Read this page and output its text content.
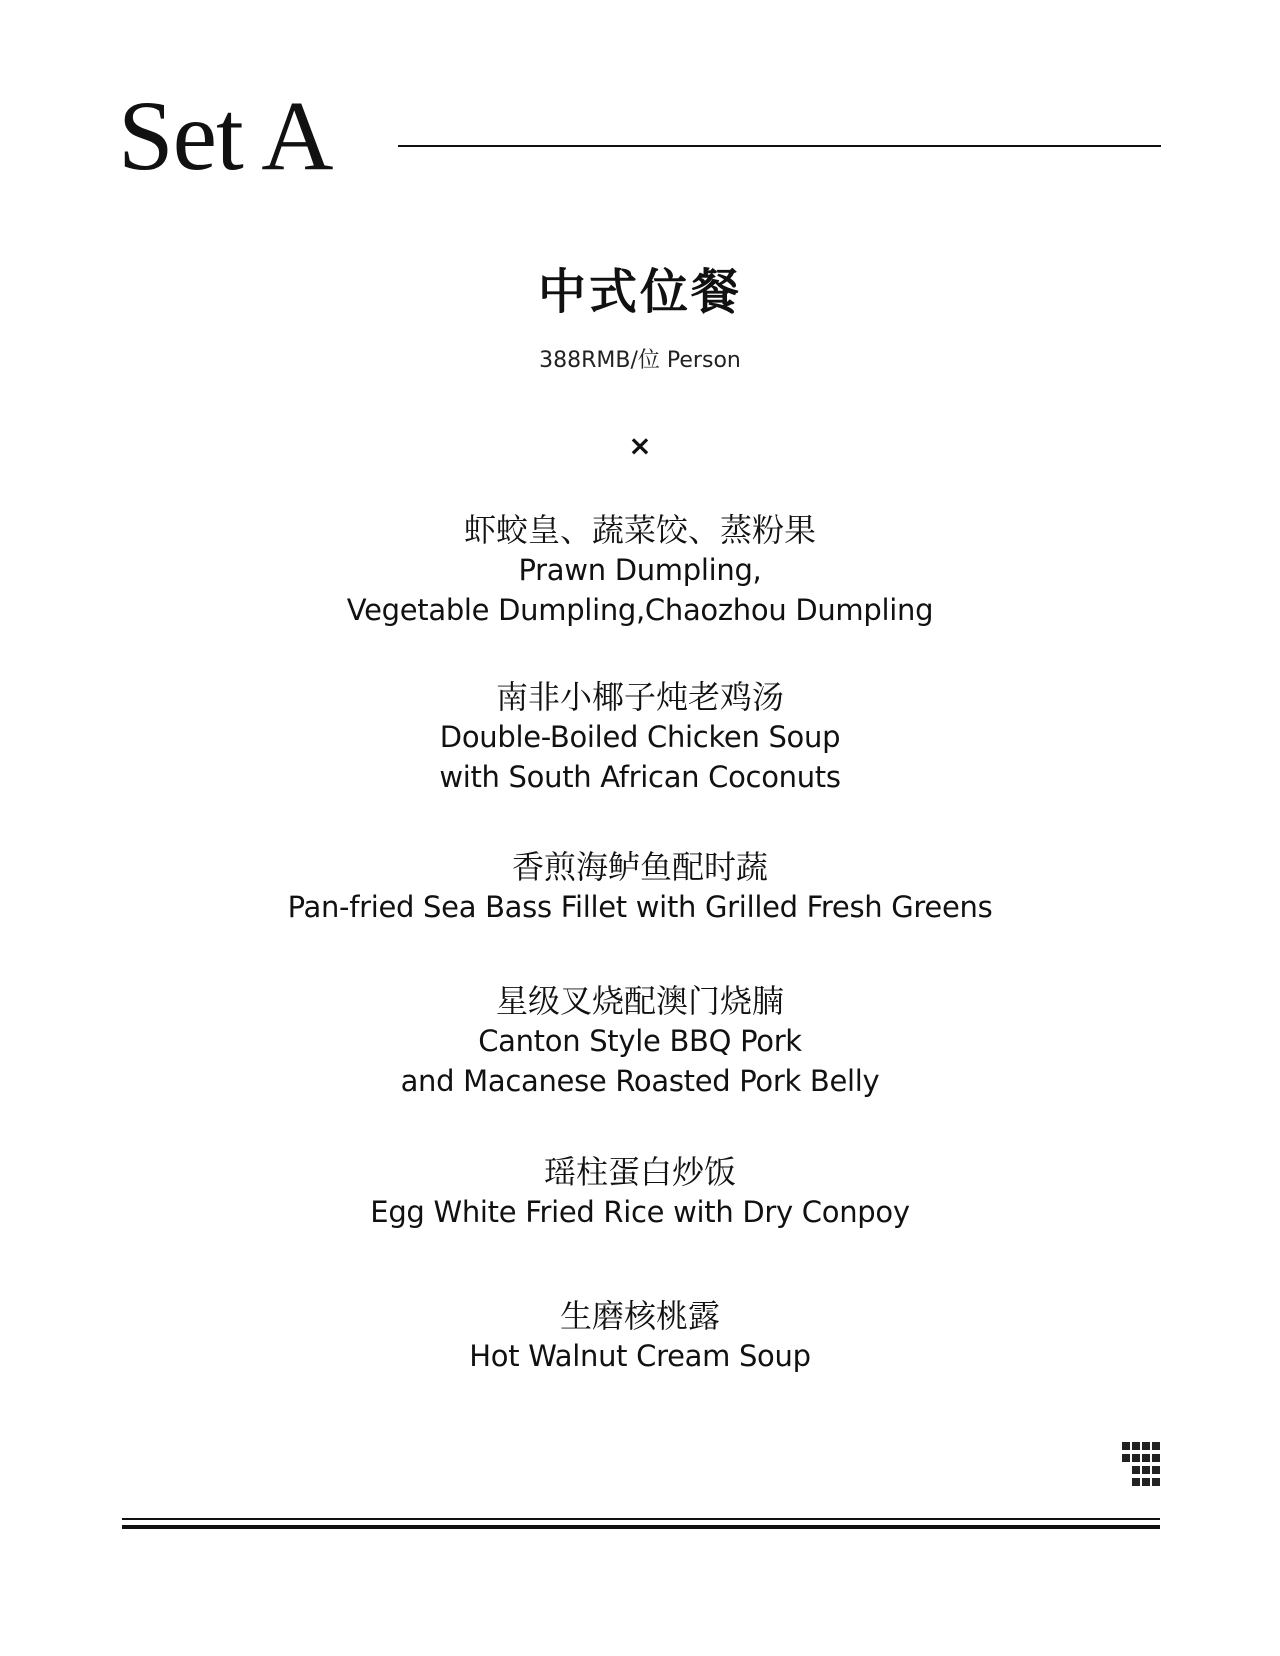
Set A
中式位餐
388RMB/位 Person
×
虾蛟皇、蔬菜饺、蒸粉果
Prawn Dumpling,
Vegetable Dumpling,Chaozhou Dumpling
南非小椰子炖老鸡汤
Double-Boiled Chicken Soup
with South African Coconuts
香煎海鲈鱼配时蔬
Pan-fried Sea Bass Fillet with Grilled Fresh Greens
星级叉烧配澳门烧腩
Canton Style BBQ Pork
and Macanese Roasted Pork Belly
瑶柱蛋白炒饭
Egg White Fried Rice with Dry Conpoy
生磨核桃露
Hot Walnut Cream Soup
